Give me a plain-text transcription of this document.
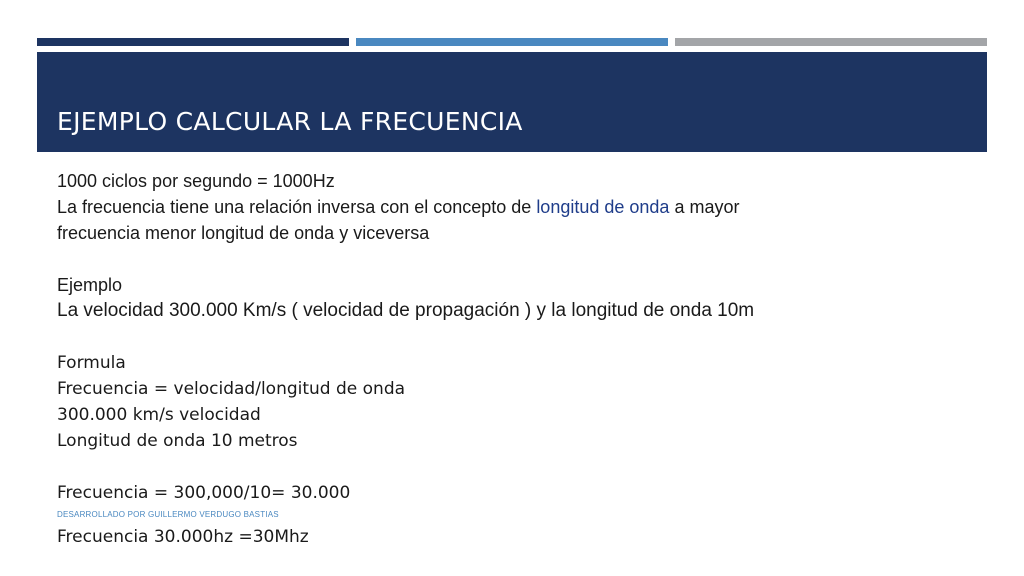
EJEMPLO CALCULAR LA FRECUENCIA
1000 ciclos por segundo = 1000Hz
La frecuencia tiene una relación inversa con el concepto de longitud de onda a mayor
frecuencia menor longitud de onda y viceversa
Ejemplo
La velocidad 300.000 Km/s ( velocidad de propagación ) y la longitud de onda 10m
Formula
Frecuencia = velocidad/longitud de onda
300.000 km/s velocidad
Longitud de onda 10 metros
Frecuencia = 300,000/10= 30.000
DESARROLLADO POR GUILLERMO VERDUGO BASTIAS
Frecuencia 30.000hz =30Mhz
